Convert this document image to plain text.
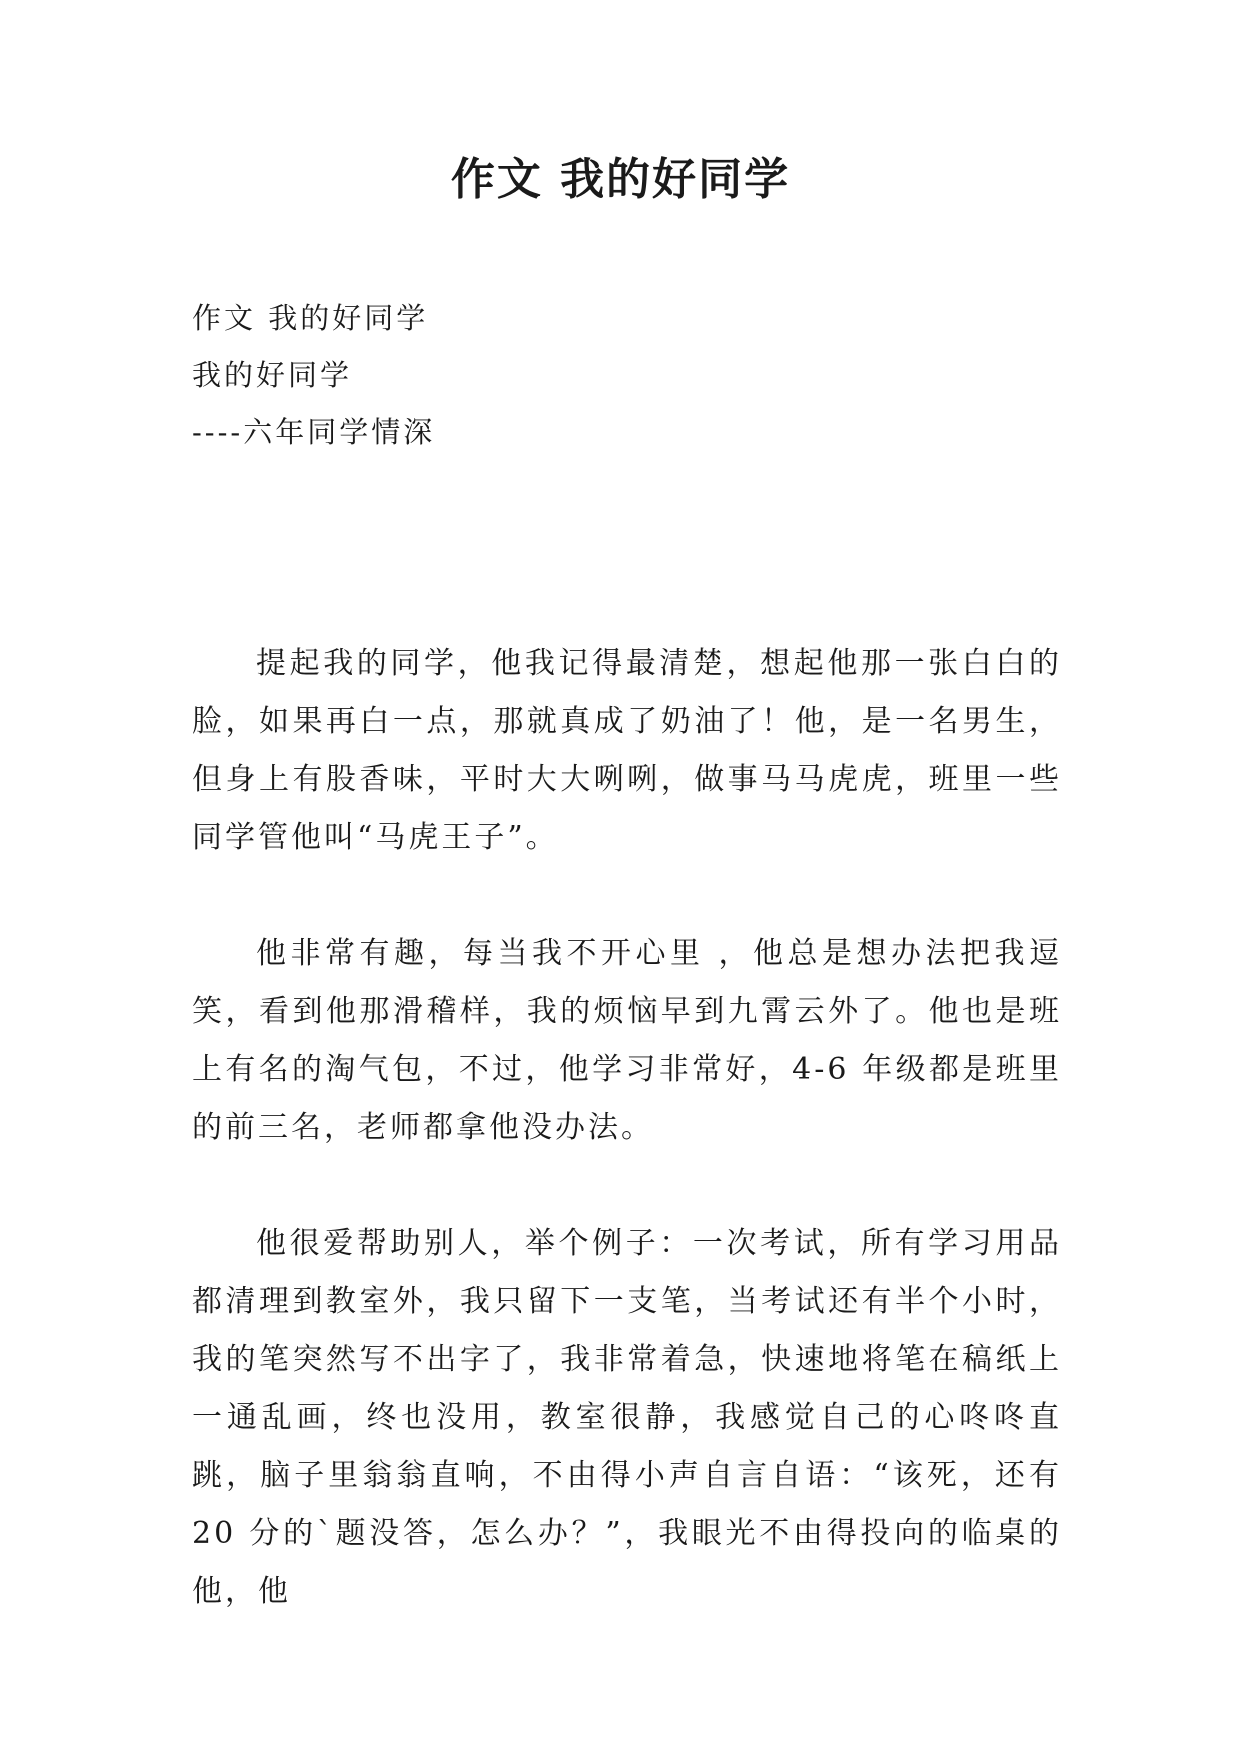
作文 我的好同学
作文 我的好同学
我的好同学
----六年同学情深

提起我的同学，他我记得最清楚，想起他那一张白白的脸，如果再白一点，那就真成了奶油了！他，是一名男生，但身上有股香味，平时大大咧咧，做事马马虎虎，班里一些同学管他叫“马虎王子”。

他非常有趣，每当我不开心里 ，他总是想办法把我逗笑，看到他那滑稽样，我的烦恼早到九霄云外了。他也是班上有名的淘气包，不过，他学习非常好，4-6 年级都是班里的前三名，老师都拿他没办法。

他很爱帮助别人，举个例子：一次考试，所有学习用品都清理到教室外，我只留下一支笔，当考试还有半个小时，我的笔突然写不出字了，我非常着急，快速地将笔在稿纸上一通乱画，终也没用，教室很静，我感觉自己的心咚咚直跳，脑子里翁翁直响，不由得小声自言自语：“该死，还有 20 分的`题没答，怎么办？”，我眼光不由得投向的临桌的他，他
